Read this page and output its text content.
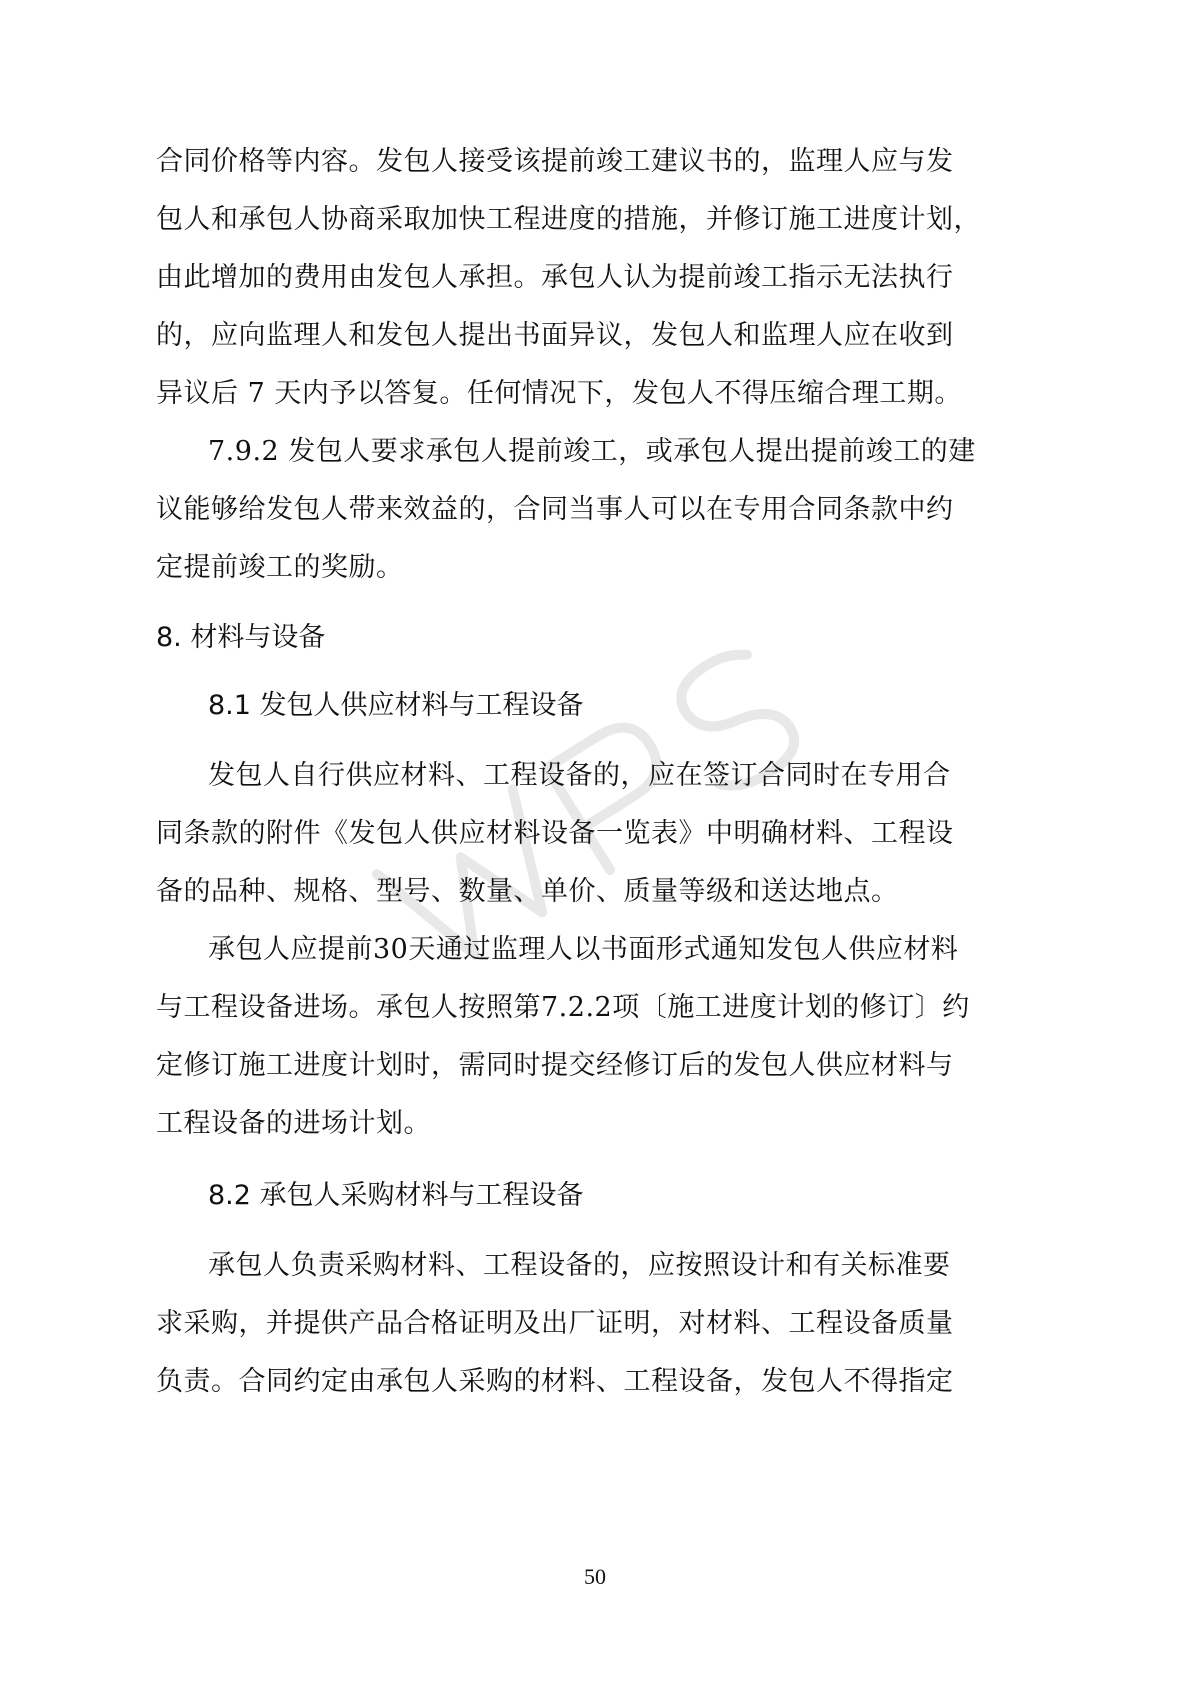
合同价格等内容。发包人接受该提前竣工建议书的，监理人应与发
包人和承包人协商采取加快工程进度的措施，并修订施工进度计划，
由此增加的费用由发包人承担。承包人认为提前竣工指示无法执行
的，应向监理人和发包人提出书面异议，发包人和监理人应在收到
异议后 7 天内予以答复。任何情况下，发包人不得压缩合理工期。
7.9.2 发包人要求承包人提前竣工，或承包人提出提前竣工的建
议能够给发包人带来效益的，合同当事人可以在专用合同条款中约
定提前竣工的奖励。
8. 材料与设备
8.1 发包人供应材料与工程设备
发包人自行供应材料、工程设备的，应在签订合同时在专用合
同条款的附件《发包人供应材料设备一览表》中明确材料、工程设
备的品种、规格、型号、数量、单价、质量等级和送达地点。
承包人应提前30天通过监理人以书面形式通知发包人供应材料
与工程设备进场。承包人按照第7.2.2项〔施工进度计划的修订〕约
定修订施工进度计划时，需同时提交经修订后的发包人供应材料与
工程设备的进场计划。
8.2 承包人采购材料与工程设备
承包人负责采购材料、工程设备的，应按照设计和有关标准要
求采购，并提供产品合格证明及出厂证明，对材料、工程设备质量
负责。合同约定由承包人采购的材料、工程设备，发包人不得指定
50
